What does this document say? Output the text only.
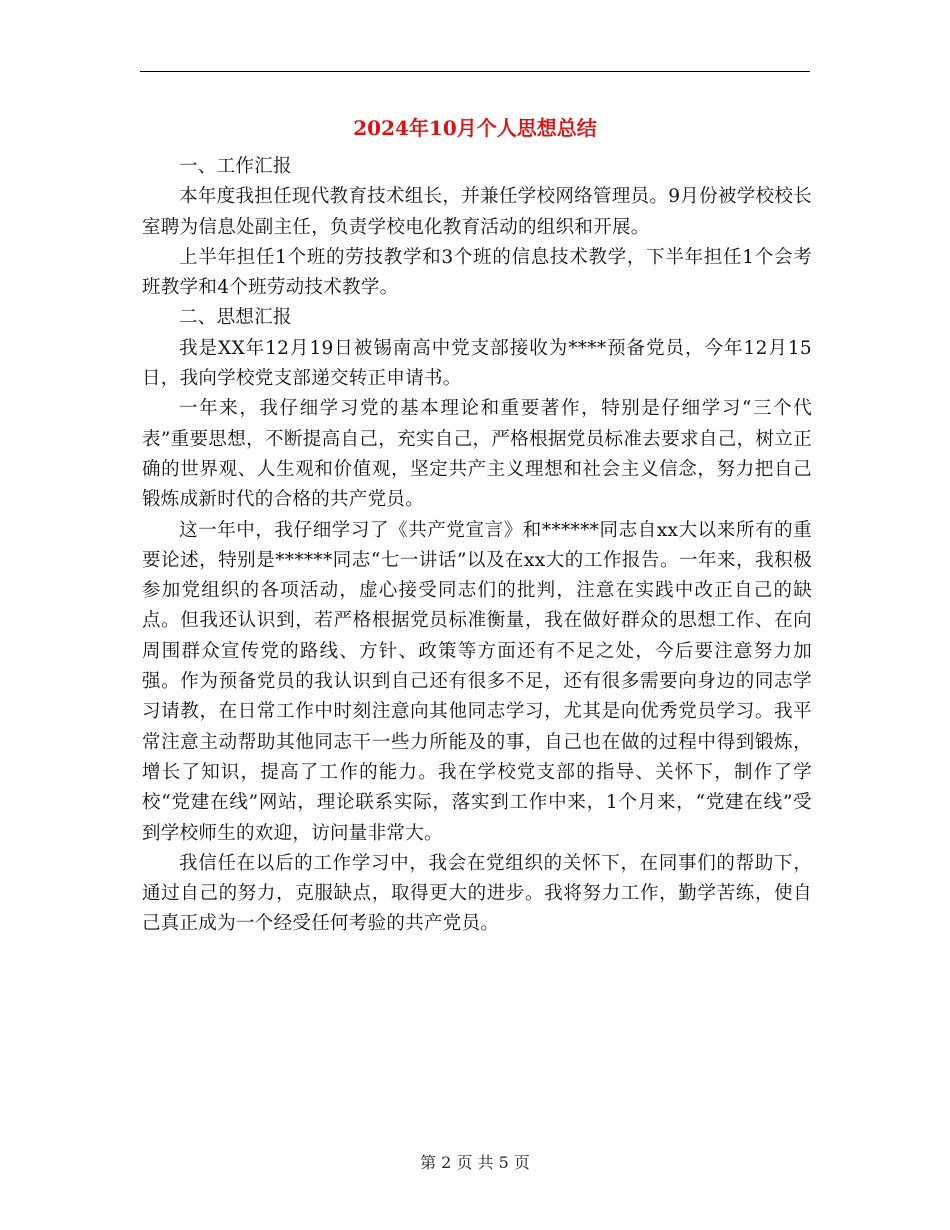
2024年10月个人思想总结

一、工作汇报

本年度我担任现代教育技术组长，并兼任学校网络管理员。9月份被学校校长室聘为信息处副主任，负责学校电化教育活动的组织和开展。

上半年担任1个班的劳技教学和3个班的信息技术教学，下半年担任1个会考班教学和4个班劳动技术教学。

二、思想汇报

我是XX年12月19日被锡南高中党支部接收为****预备党员，今年12月15日，我向学校党支部递交转正申请书。

一年来，我仔细学习党的基本理论和重要著作，特别是仔细学习“三个代表”重要思想，不断提高自己，充实自己，严格根据党员标准去要求自己，树立正确的世界观、人生观和价值观，坚定共产主义理想和社会主义信念，努力把自己锻炼成新时代的合格的共产党员。

这一年中，我仔细学习了《共产党宣言》和******同志自xx大以来所有的重要论述，特别是******同志“七一讲话”以及在xx大的工作报告。一年来，我积极参加党组织的各项活动，虚心接受同志们的批判，注意在实践中改正自己的缺点。但我还认识到，若严格根据党员标准衡量，我在做好群众的思想工作、在向周围群众宣传党的路线、方针、政策等方面还有不足之处，今后要注意努力加强。作为预备党员的我认识到自己还有很多不足，还有很多需要向身边的同志学习请教，在日常工作中时刻注意向其他同志学习，尤其是向优秀党员学习。我平常注意主动帮助其他同志干一些力所能及的事，自己也在做的过程中得到锻炼，增长了知识，提高了工作的能力。我在学校党支部的指导、关怀下，制作了学校“党建在线”网站，理论联系实际，落实到工作中来，1个月来，“党建在线”受到学校师生的欢迎，访问量非常大。

我信任在以后的工作学习中，我会在党组织的关怀下，在同事们的帮助下，通过自己的努力，克服缺点，取得更大的进步。我将努力工作，勤学苦练，使自己真正成为一个经受任何考验的共产党员。

第 2 页 共 5 页
